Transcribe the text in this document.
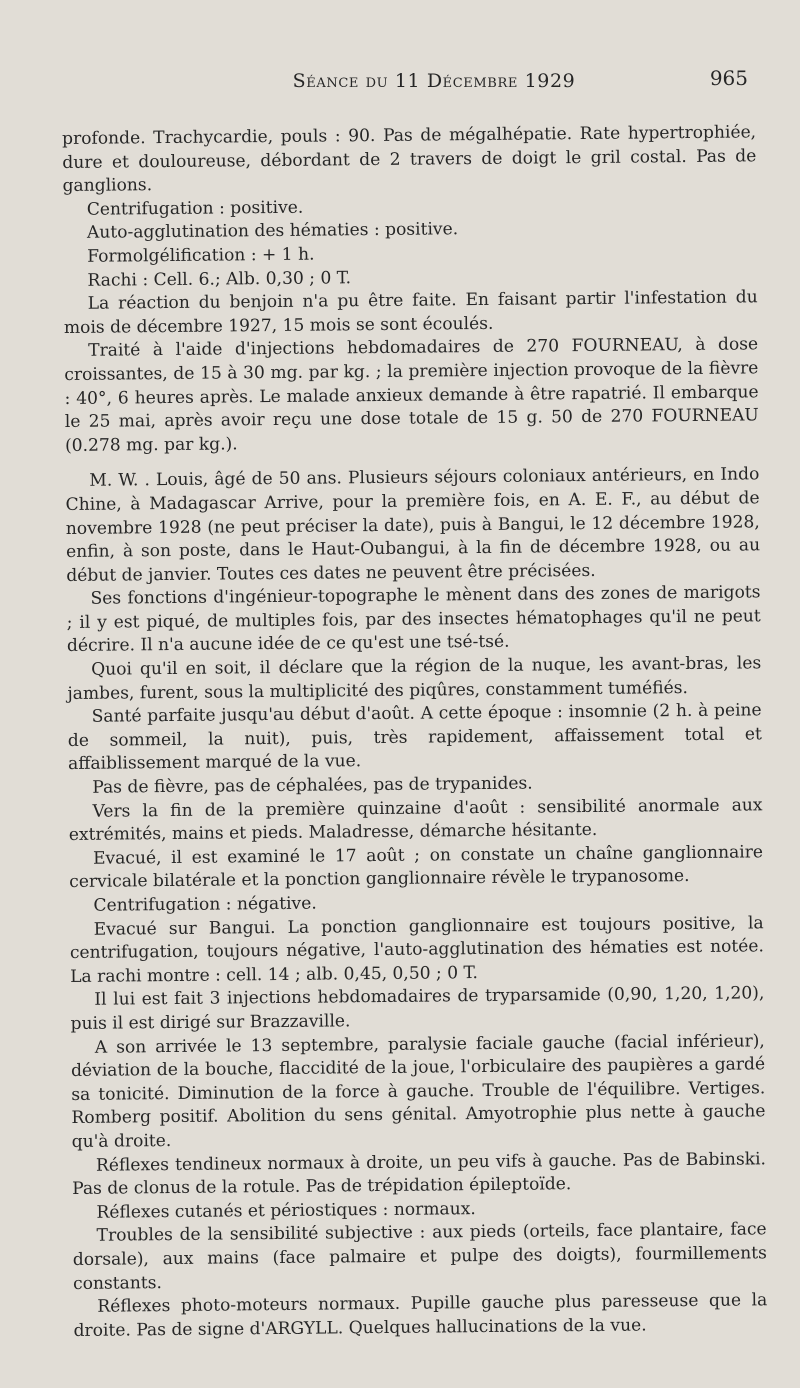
Séance du 11 Décembre 1929	965

profonde. Trachycardie, pouls : 90. Pas de mégalhépatie. Rate hypertrophiée, dure et douloureuse, débordant de 2 travers de doigt le gril costal. Pas de ganglions.

Centrifugation : positive.

Auto-agglutination des hématies : positive.

Formolgélification : + 1 h.

Rachi : Cell. 6.; Alb. 0,30 ; 0 T.

La réaction du benjoin n'a pu être faite. En faisant partir l'infestation du mois de décembre 1927, 15 mois se sont écoulés.

Traité à l'aide d'injections hebdomadaires de 270 FOURNEAU, à dose croissantes, de 15 à 30 mg. par kg. ; la première injection provoque de la fièvre : 40°, 6 heures après. Le malade anxieux demande à être rapatrié. Il embarque le 25 mai, après avoir reçu une dose totale de 15 g. 50 de 270 FOURNEAU (0.278 mg. par kg.).

M. W. . Louis, âgé de 50 ans. Plusieurs séjours coloniaux antérieurs, en Indo Chine, à Madagascar Arrive, pour la première fois, en A. E. F., au début de novembre 1928 (ne peut préciser la date), puis à Bangui, le 12 décembre 1928, enfin, à son poste, dans le Haut-Oubangui, à la fin de décembre 1928, ou au début de janvier. Toutes ces dates ne peuvent être précisées.

Ses fonctions d'ingénieur-topographe le mènent dans des zones de marigots ; il y est piqué, de multiples fois, par des insectes hématophages qu'il ne peut décrire. Il n'a aucune idée de ce qu'est une tsé-tsé.

Quoi qu'il en soit, il déclare que la région de la nuque, les avant-bras, les jambes, furent, sous la multiplicité des piqûres, constamment tuméfiés.

Santé parfaite jusqu'au début d'août. A cette époque : insomnie (2 h. à peine de sommeil, la nuit), puis, très rapidement, affaissement total et affaiblissement marqué de la vue.

Pas de fièvre, pas de céphalées, pas de trypanides.

Vers la fin de la première quinzaine d'août : sensibilité anormale aux extrémités, mains et pieds. Maladresse, démarche hésitante.

Evacué, il est examiné le 17 août ; on constate un chaîne ganglionnaire cervicale bilatérale et la ponction ganglionnaire révèle le trypanosome.

Centrifugation : négative.

Evacué sur Bangui. La ponction ganglionnaire est toujours positive, la centrifugation, toujours négative, l'auto-agglutination des hématies est notée. La rachi montre : cell. 14 ; alb. 0,45, 0,50 ; 0 T.

Il lui est fait 3 injections hebdomadaires de tryparsamide (0,90, 1,20, 1,20), puis il est dirigé sur Brazzaville.

A son arrivée le 13 septembre, paralysie faciale gauche (facial inférieur), déviation de la bouche, flaccidité de la joue, l'orbiculaire des paupières a gardé sa tonicité. Diminution de la force à gauche. Trouble de l'équilibre. Vertiges. Romberg positif. Abolition du sens génital. Amyotrophie plus nette à gauche qu'à droite.

Réflexes tendineux normaux à droite, un peu vifs à gauche. Pas de Babinski. Pas de clonus de la rotule. Pas de trépidation épileptoïde.

Réflexes cutanés et périostiques : normaux.

Troubles de la sensibilité subjective : aux pieds (orteils, face plantaire, face dorsale), aux mains (face palmaire et pulpe des doigts), fourmillements constants.

Réflexes photo-moteurs normaux. Pupille gauche plus paresseuse que la droite. Pas de signe d'ARGYLL. Quelques hallucinations de la vue.
